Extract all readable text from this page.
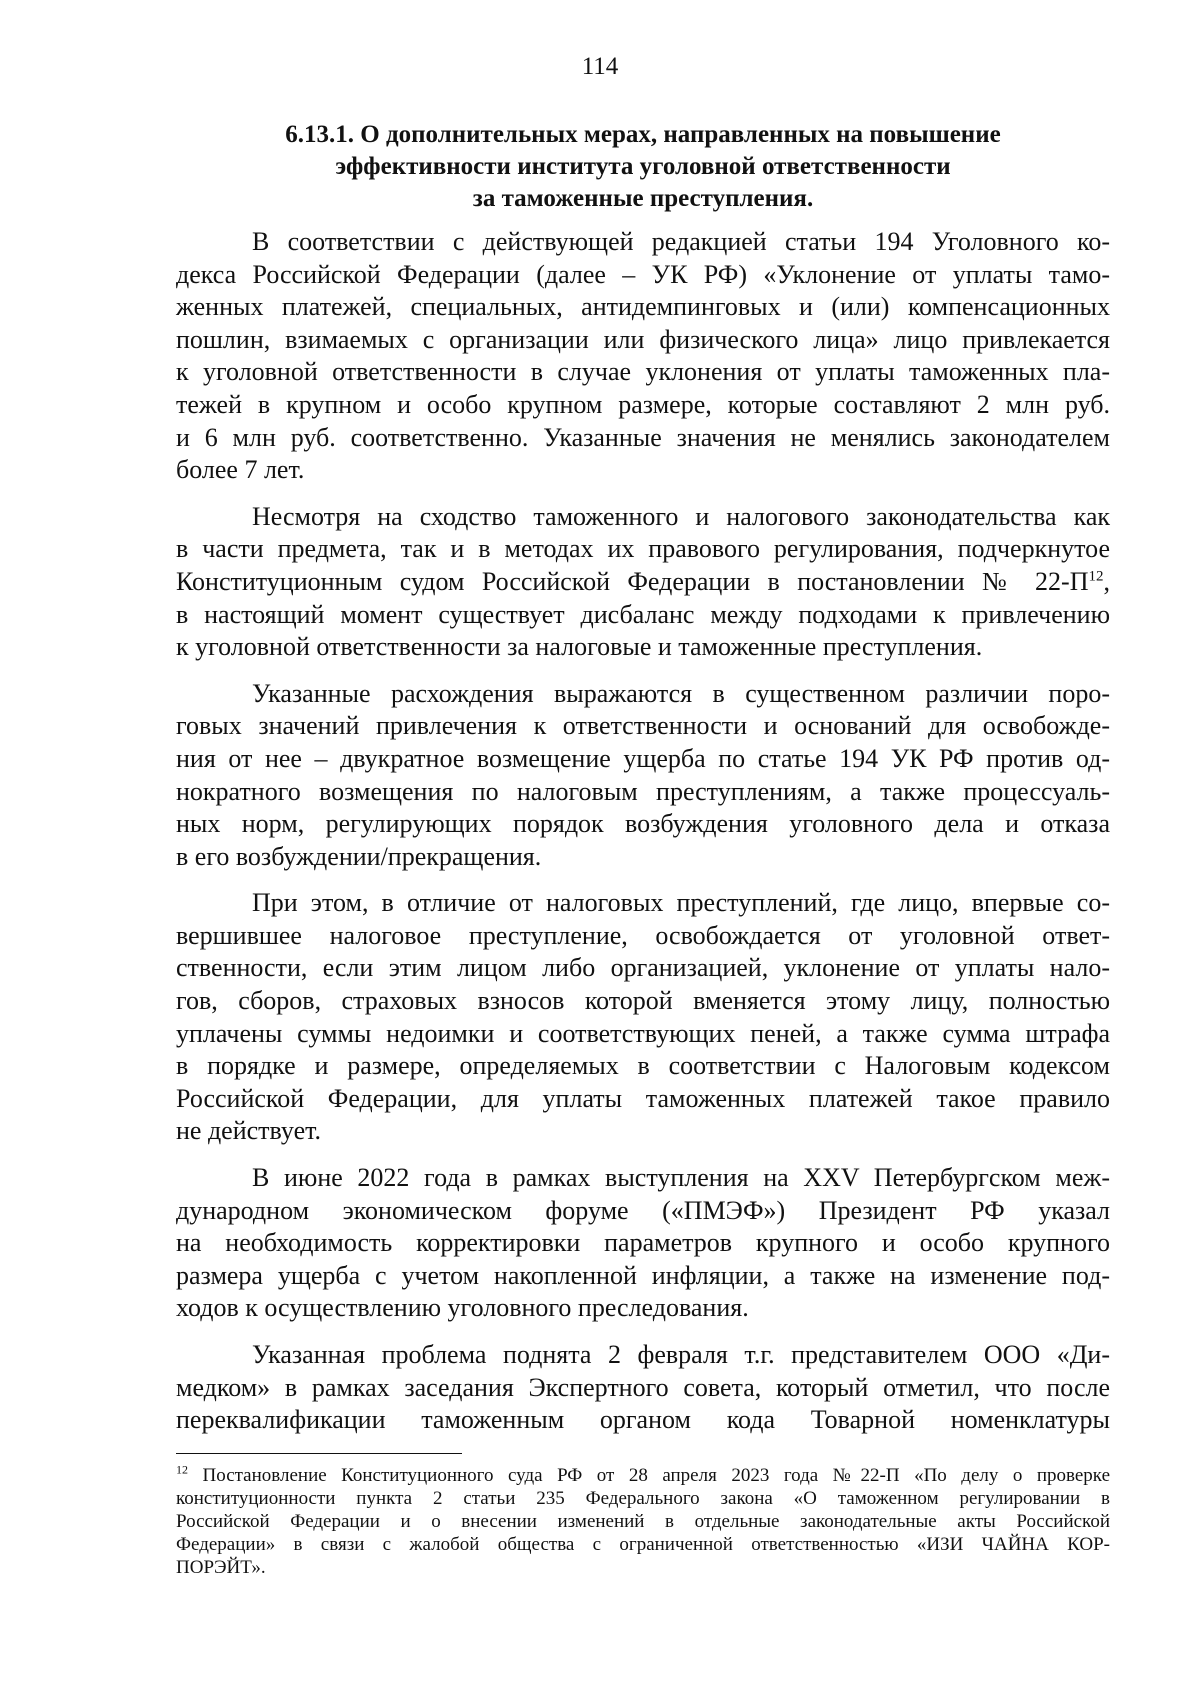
114
6.13.1. О дополнительных мерах, направленных на повышение
эффективности института уголовной ответственности
за таможенные преступления.

В соответствии с действующей редакцией статьи 194 Уголовного ко-
декса Российской Федерации (далее – УК РФ) «Уклонение от уплаты тамо-
женных платежей, специальных, антидемпинговых и (или) компенсационных
пошлин, взимаемых с организации или физического лица» лицо привлекается
к уголовной ответственности в случае уклонения от уплаты таможенных пла-
тежей в крупном и особо крупном размере, которые составляют 2 млн руб.
и 6 млн руб. соответственно. Указанные значения не менялись законодателем
более 7 лет.

Несмотря на сходство таможенного и налогового законодательства как
в части предмета, так и в методах их правового регулирования, подчеркнутое
Конституционным судом Российской Федерации в постановлении № $22-П^{12}$,
в настоящий момент существует дисбаланс между подходами к привлечению
к уголовной ответственности за налоговые и таможенные преступления.

Указанные расхождения выражаются в существенном различии поро-
говых значений привлечения к ответственности и оснований для освобожде-
ния от нее – двукратное возмещение ущерба по статье 194 УК РФ против од-
нократного возмещения по налоговым преступлениям, а также процессуаль-
ных норм, регулирующих порядок возбуждения уголовного дела и отказа
в его возбуждении/прекращения.

При этом, в отличие от налоговых преступлений, где лицо, впервые со-
вершившее налоговое преступление, освобождается от уголовной ответ-
ственности, если этим лицом либо организацией, уклонение от уплаты нало-
гов, сборов, страховых взносов которой вменяется этому лицу, полностью
уплачены суммы недоимки и соответствующих пеней, а также сумма штрафа
в порядке и размере, определяемых в соответствии с Налоговым кодексом
Российской Федерации, для уплаты таможенных платежей такое правило
не действует.

В июне 2022 года в рамках выступления на XXV Петербургском меж-
дународном экономическом форуме («ПМЭФ») Президент РФ указал
на необходимость корректировки параметров крупного и особо крупного
размера ущерба с учетом накопленной инфляции, а также на изменение под-
ходов к осуществлению уголовного преследования.

Указанная проблема поднята 2 февраля т.г. представителем ООО «Ди-
медком» в рамках заседания Экспертного совета, который отметил, что после
переквалификации таможенным органом кода Товарной номенклатуры

$^{12}$ Постановление Конституционного суда РФ от 28 апреля 2023 года №22-П «По делу о проверке
конституционности пункта 2 статьи 235 Федерального закона «О таможенном регулировании в
Российской Федерации и о внесении изменений в отдельные законодательные акты Российской
Федерации» в связи с жалобой общества с ограниченной ответственностью «ИЗИ ЧАЙНА КОР-
ПОРЭЙТ».
